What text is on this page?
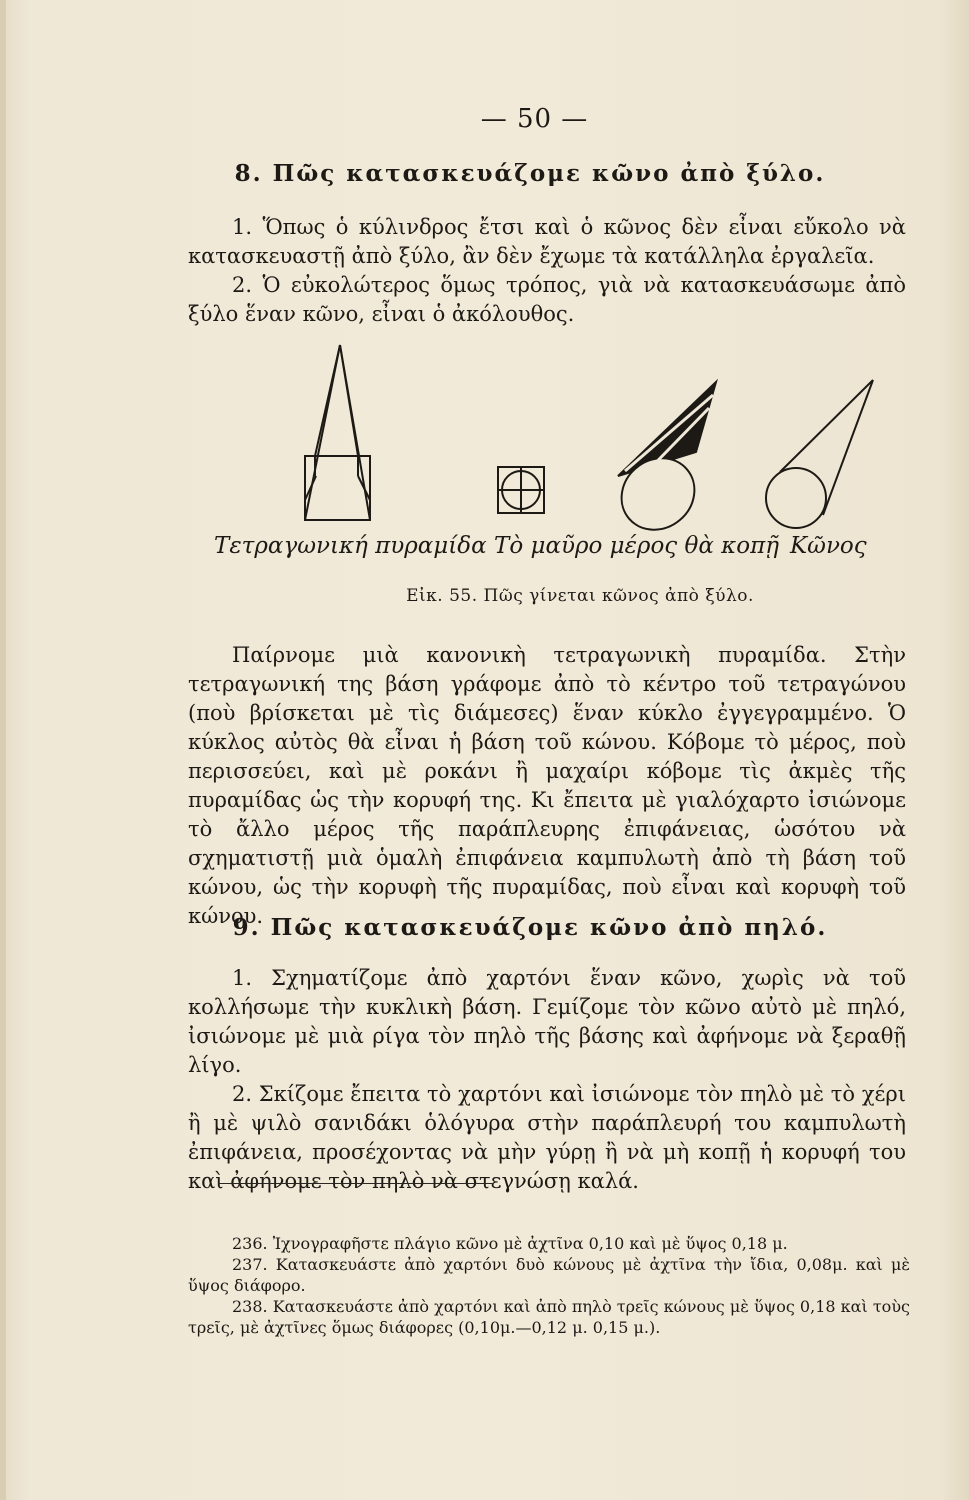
— 50 —
8. Πῶς κατασκευάζομε κῶνο ἀπὸ ξύλο.

1. Ὅπως ὁ κύλινδρος ἔτσι καὶ ὁ κῶνος δὲν εἶναι εὔκολο νὰ κατασκευαστῇ ἀπὸ ξύλο, ἂν δὲν ἔχωμε τὰ κατάλληλα ἐργαλεῖα.

2. Ὁ εὐκολώτερος ὅμως τρόπος, γιὰ νὰ κατασκευάσωμε ἀπὸ ξύλο ἕναν κῶνο, εἶναι ὁ ἀκόλουθος.

Τετραγωνική πυραμίδα Τὸ μαῦρο μέρος θὰ κοπῇ Κῶνος
Εἰκ. 55. Πῶς γίνεται κῶνος ἀπὸ ξύλο.

Παίρνομε μιὰ κανονικὴ τετραγωνικὴ πυραμίδα. Στὴν τετραγωνική της βάση γράφομε ἀπὸ τὸ κέντρο τοῦ τετραγώνου (ποὺ βρίσκεται μὲ τὶς διάμεσες) ἕναν κύκλο ἐγγεγραμμένο. Ὁ κύκλος αὐτὸς θὰ εἶναι ἡ βάση τοῦ κώνου. Κόβομε τὸ μέρος, ποὺ περισσεύει, καὶ μὲ ροκάνι ἢ μαχαίρι κόβομε τὶς ἀκμὲς τῆς πυραμίδας ὡς τὴν κορυφή της. Κι ἔπειτα μὲ γιαλόχαρτο ἰσιώνομε τὸ ἄλλο μέρος τῆς παράπλευρης ἐπιφάνειας, ὡσότου νὰ σχηματιστῇ μιὰ ὁμαλὴ ἐπιφάνεια καμπυλωτὴ ἀπὸ τὴ βάση τοῦ κώνου, ὡς τὴν κορυφὴ τῆς πυραμίδας, ποὺ εἶναι καὶ κορυφὴ τοῦ κώνου.

9. Πῶς κατασκευάζομε κῶνο ἀπὸ πηλό.

1. Σχηματίζομε ἀπὸ χαρτόνι ἕναν κῶνο, χωρὶς νὰ τοῦ κολλήσωμε τὴν κυκλικὴ βάση. Γεμίζομε τὸν κῶνο αὐτὸ μὲ πηλό, ἰσιώνομε μὲ μιὰ ρίγα τὸν πηλὸ τῆς βάσης καὶ ἀφήνομε νὰ ξεραθῇ λίγο.

2. Σκίζομε ἔπειτα τὸ χαρτόνι καὶ ἰσιώνομε τὸν πηλὸ μὲ τὸ χέρι ἢ μὲ ψιλὸ σανιδάκι ὁλόγυρα στὴν παράπλευρή του καμπυλωτὴ ἐπιφάνεια, προσέχοντας νὰ μὴν γύρῃ ἢ νὰ μὴ κοπῇ ἡ κορυφή του καὶ ἀφήνομε τὸν πηλὸ νὰ στεγνώσῃ καλά.

236. Ἰχνογραφῆστε πλάγιο κῶνο μὲ ἀχτῖνα 0,10 καὶ μὲ ὕψος 0,18 μ.

237. Κατασκευάστε ἀπὸ χαρτόνι δυὸ κώνους μὲ ἀχτῖνα τὴν ἴδια, 0,08μ. καὶ μὲ ὕψος διάφορο.

238. Κατασκευάστε ἀπὸ χαρτόνι καὶ ἀπὸ πηλὸ τρεῖς κώνους μὲ ὕψος 0,18 καὶ τοὺς τρεῖς, μὲ ἀχτῖνες ὅμως διάφορες (0,10μ.—0,12 μ. 0,15 μ.).
